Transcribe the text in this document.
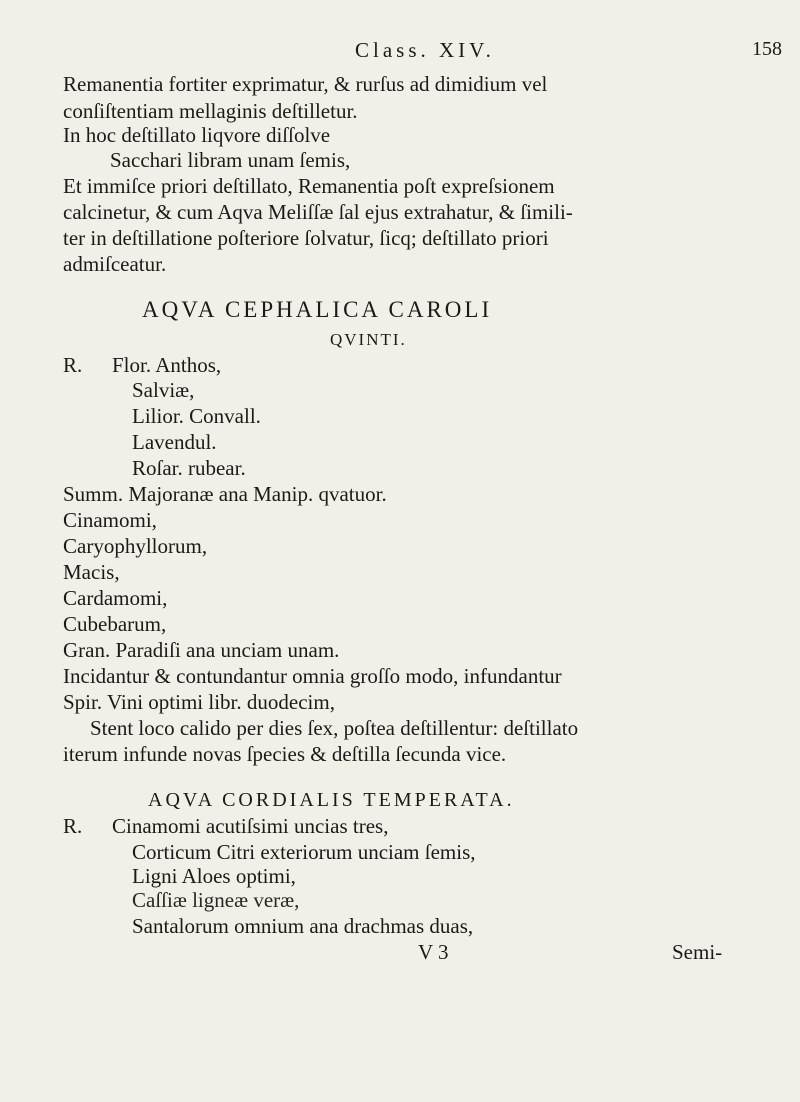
Class. XIV.	158
Remanentia fortiter exprimatur, & rurſus ad dimidium vel
conſiſtentiam mellaginis deſtilletur.
In hoc deſtillato liqvore diſſolve
Sacchari libram unam ſemis,
Et immiſce priori deſtillato, Remanentia poſt expreſsionem
calcinetur, & cum Aqva Meliſſæ ſal ejus extrahatur, & ſimili-
ter in deſtillatione poſteriore ſolvatur, ſicq; deſtillato priori
admiſceatur.
AQVA CEPHALICA CAROLI
QVINTI.
R. Flor. Anthos,
Salviæ,
Lilior. Convall.
Lavendul.
Roſar. rubear.
Summ. Majoranæ ana Manip. qvatuor.
Cinamomi,
Caryophyllorum,
Macis,
Cardamomi,
Cubebarum,
Gran. Paradiſi ana unciam unam.
Incidantur & contundantur omnia groſſo modo, infundantur
Spir. Vini optimi libr. duodecim,
Stent loco calido per dies ſex, poſtea deſtillentur: deſtillato
iterum infunde novas ſpecies & deſtilla ſecunda vice.
AQVA CORDIALIS TEMPERATA.
R. Cinamomi acutiſsimi uncias tres,
Corticum Citri exteriorum unciam ſemis,
Ligni Aloes optimi,
Caſſiæ ligneæ veræ,
Santalorum omnium ana drachmas duas,
V 3	Semi-
